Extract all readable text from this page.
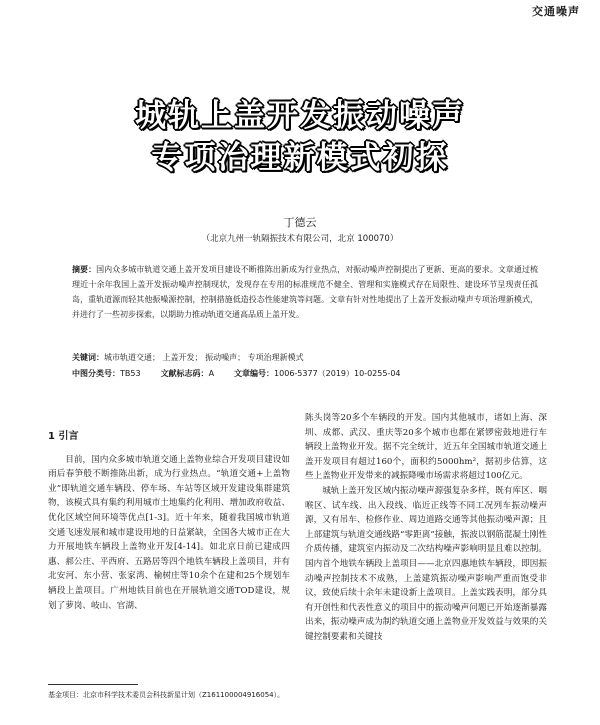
交通噪声
城轨上盖开发振动噪声
专项治理新模式初探
丁德云
（北京九州一轨隔振技术有限公司，北京 100070）
摘要：国内众多城市轨道交通上盖开发项目建设不断推陈出新成为行业热点，对振动噪声控制提出了更新、更高的要求。文章通过梳理近十余年我国上盖开发振动噪声控制现状，发现存在专用的标准规范不健全、管理和实施模式存在局限性、建设环节呈现责任孤岛，重轨道源而轻其他振噪源控制，控制措施低造投态性能建筑等问题。文章有针对性地提出了上盖开发振动噪声专项治理新模式，并进行了一些初步探索，以期助力推动轨道交通高品质上盖开发。
关键词：城市轨道交通； 上盖开发； 振动噪声； 专项治理新模式
中图分类号：TB53	文献标志码：A	文章编号：1006-5377（2019）10-0255-04
1 引言

目前，国内众多城市轨道交通上盖物业综合开发项目建设如雨后春笋般不断推陈出新，成为行业热点。“轨道交通+上盖物业”即轨道交通车辆段、停车场、车站等区域开发建设集群建筑物，该模式具有集约利用城市土地集约化利用、增加政府收益、优化区域空间环境等优点[1-3]。近十年来，随着我国城市轨道交通飞速发展和城市建设用地的日益紧缺，全国各大城市正在大力开展地铁车辆段上盖物业开发[4-14]。如北京日前已建成四惠、郝公庄、平西府、五路居等四个地铁车辆段上盖项目，并有北安河、东小营、张家湾、榆树庄等10余个在建和25个规划车辆段上盖项目。广州地铁目前也在开展轨道交通TOD建设，规划了萝岗、岐山、官湖、

陈头岗等20多个车辆段的开发。国内其他城市，诸如上海、深圳、成都、武汉、重庆等20多个城市也都在紧锣密鼓地进行车辆段上盖物业开发。据不完全统计，近五年全国城市轨道交通上盖开发项目有超过160个，面积约5000hm²，据初步估算，这些上盖物业开发带来的减振降噪市场需求将超过100亿元。

城轨上盖开发区域内振动噪声源强复杂多样，既有库区、咽喉区、试车线、出入段线、临近正线等不同工况列车振动噪声源，又有吊车、检修作业、周边道路交通等其他振动噪声源；且上部建筑与轨道交通线路“零距离”接触，振波以钢筋混凝土刚性介质传播，建筑室内振动及二次结构噪声影响明显且难以控制。国内首个地铁车辆段上盖项目——北京四惠地铁车辆段，即因振动噪声控制技术不成熟，上盖建筑振动噪声影响严重而饱受非议，致使后续十余年未建设新上盖项目。上盖实践表明，部分具有开创性和代表性意义的项目中的振动噪声问题已开始逐渐暴露出来，振动噪声成为制约轨道交通上盖物业开发效益与效果的关键控制要素和关键技

基金项目：北京市科学技术委员会科技新星计划（Z161100004916054）。
